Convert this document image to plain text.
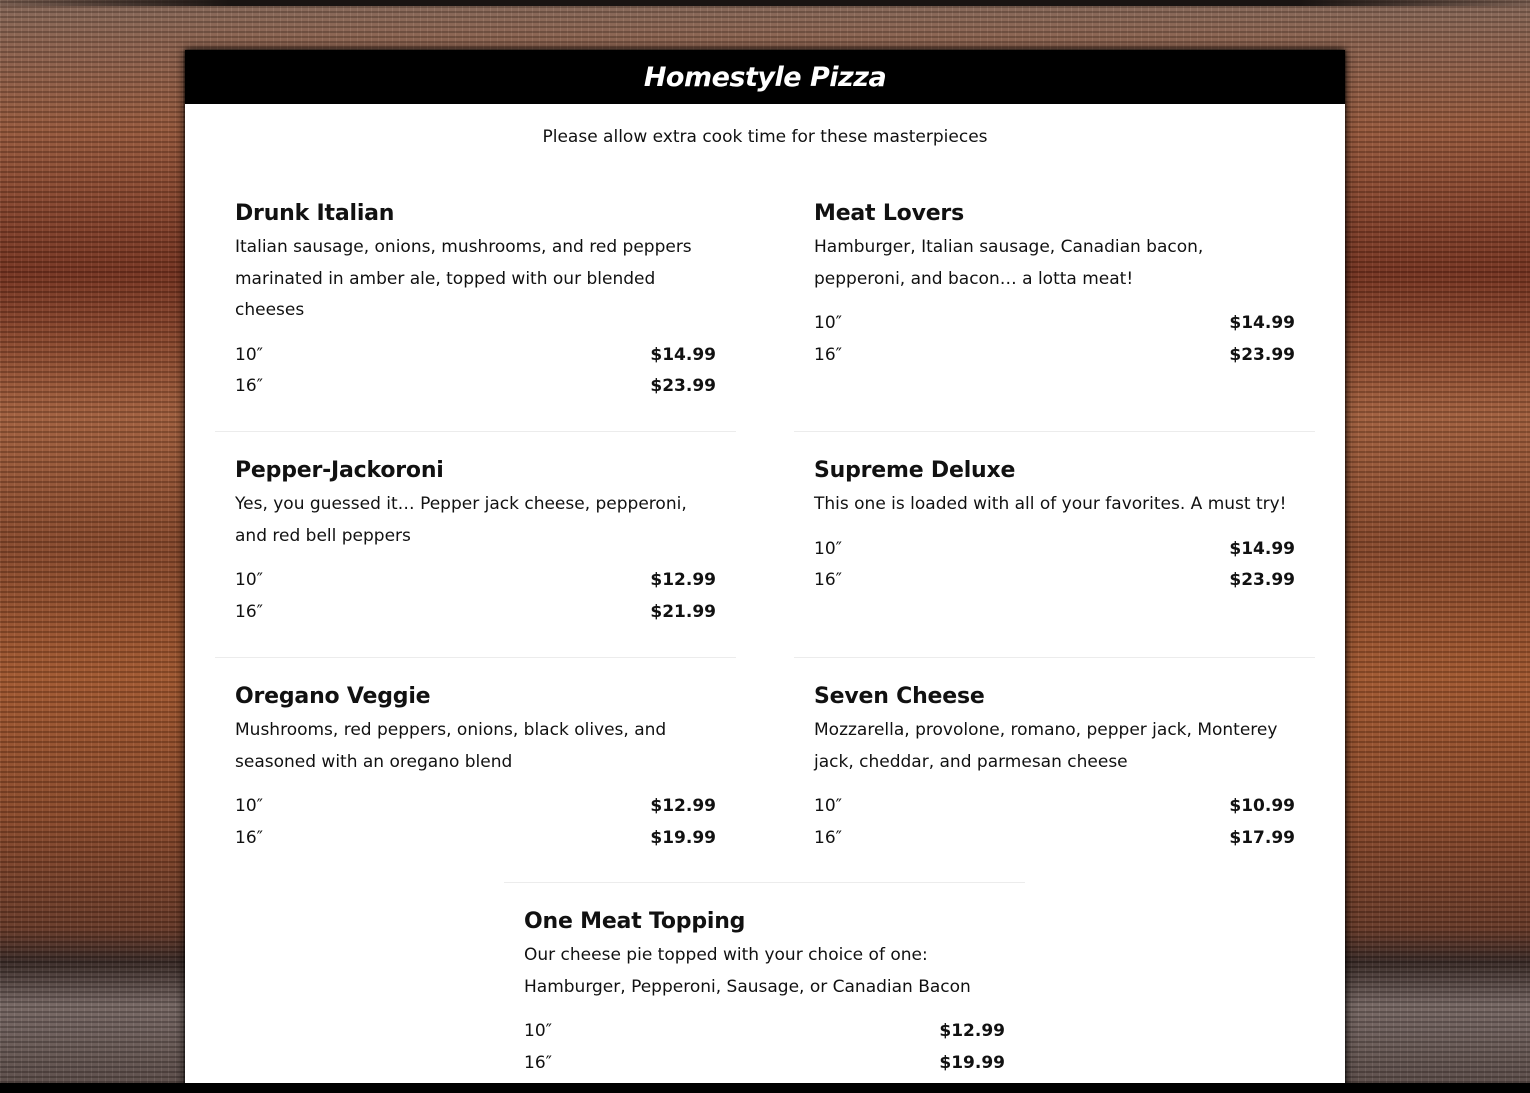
Homestyle Pizza

Please allow extra cook time for these masterpieces

Drunk Italian

Italian sausage, onions, mushrooms, and red peppers marinated in amber ale, topped with our blended cheeses

10″	$14.99
16″	$23.99
Meat Lovers

Hamburger, Italian sausage, Canadian bacon, pepperoni, and bacon… a lotta meat!

10″	$14.99
16″	$23.99
Pepper-Jackoroni

Yes, you guessed it… Pepper jack cheese, pepperoni, and red bell peppers

10″	$12.99
16″	$21.99
Supreme Deluxe

This one is loaded with all of your favorites. A must try!

10″	$14.99
16″	$23.99
Oregano Veggie

Mushrooms, red peppers, onions, black olives, and seasoned with an oregano blend

10″	$12.99
16″	$19.99
Seven Cheese

Mozzarella, provolone, romano, pepper jack, Monterey jack, cheddar, and parmesan cheese

10″	$10.99
16″	$17.99
One Meat Topping

Our cheese pie topped with your choice of one: Hamburger, Pepperoni, Sausage, or Canadian Bacon

10″	$12.99
16″	$19.99
